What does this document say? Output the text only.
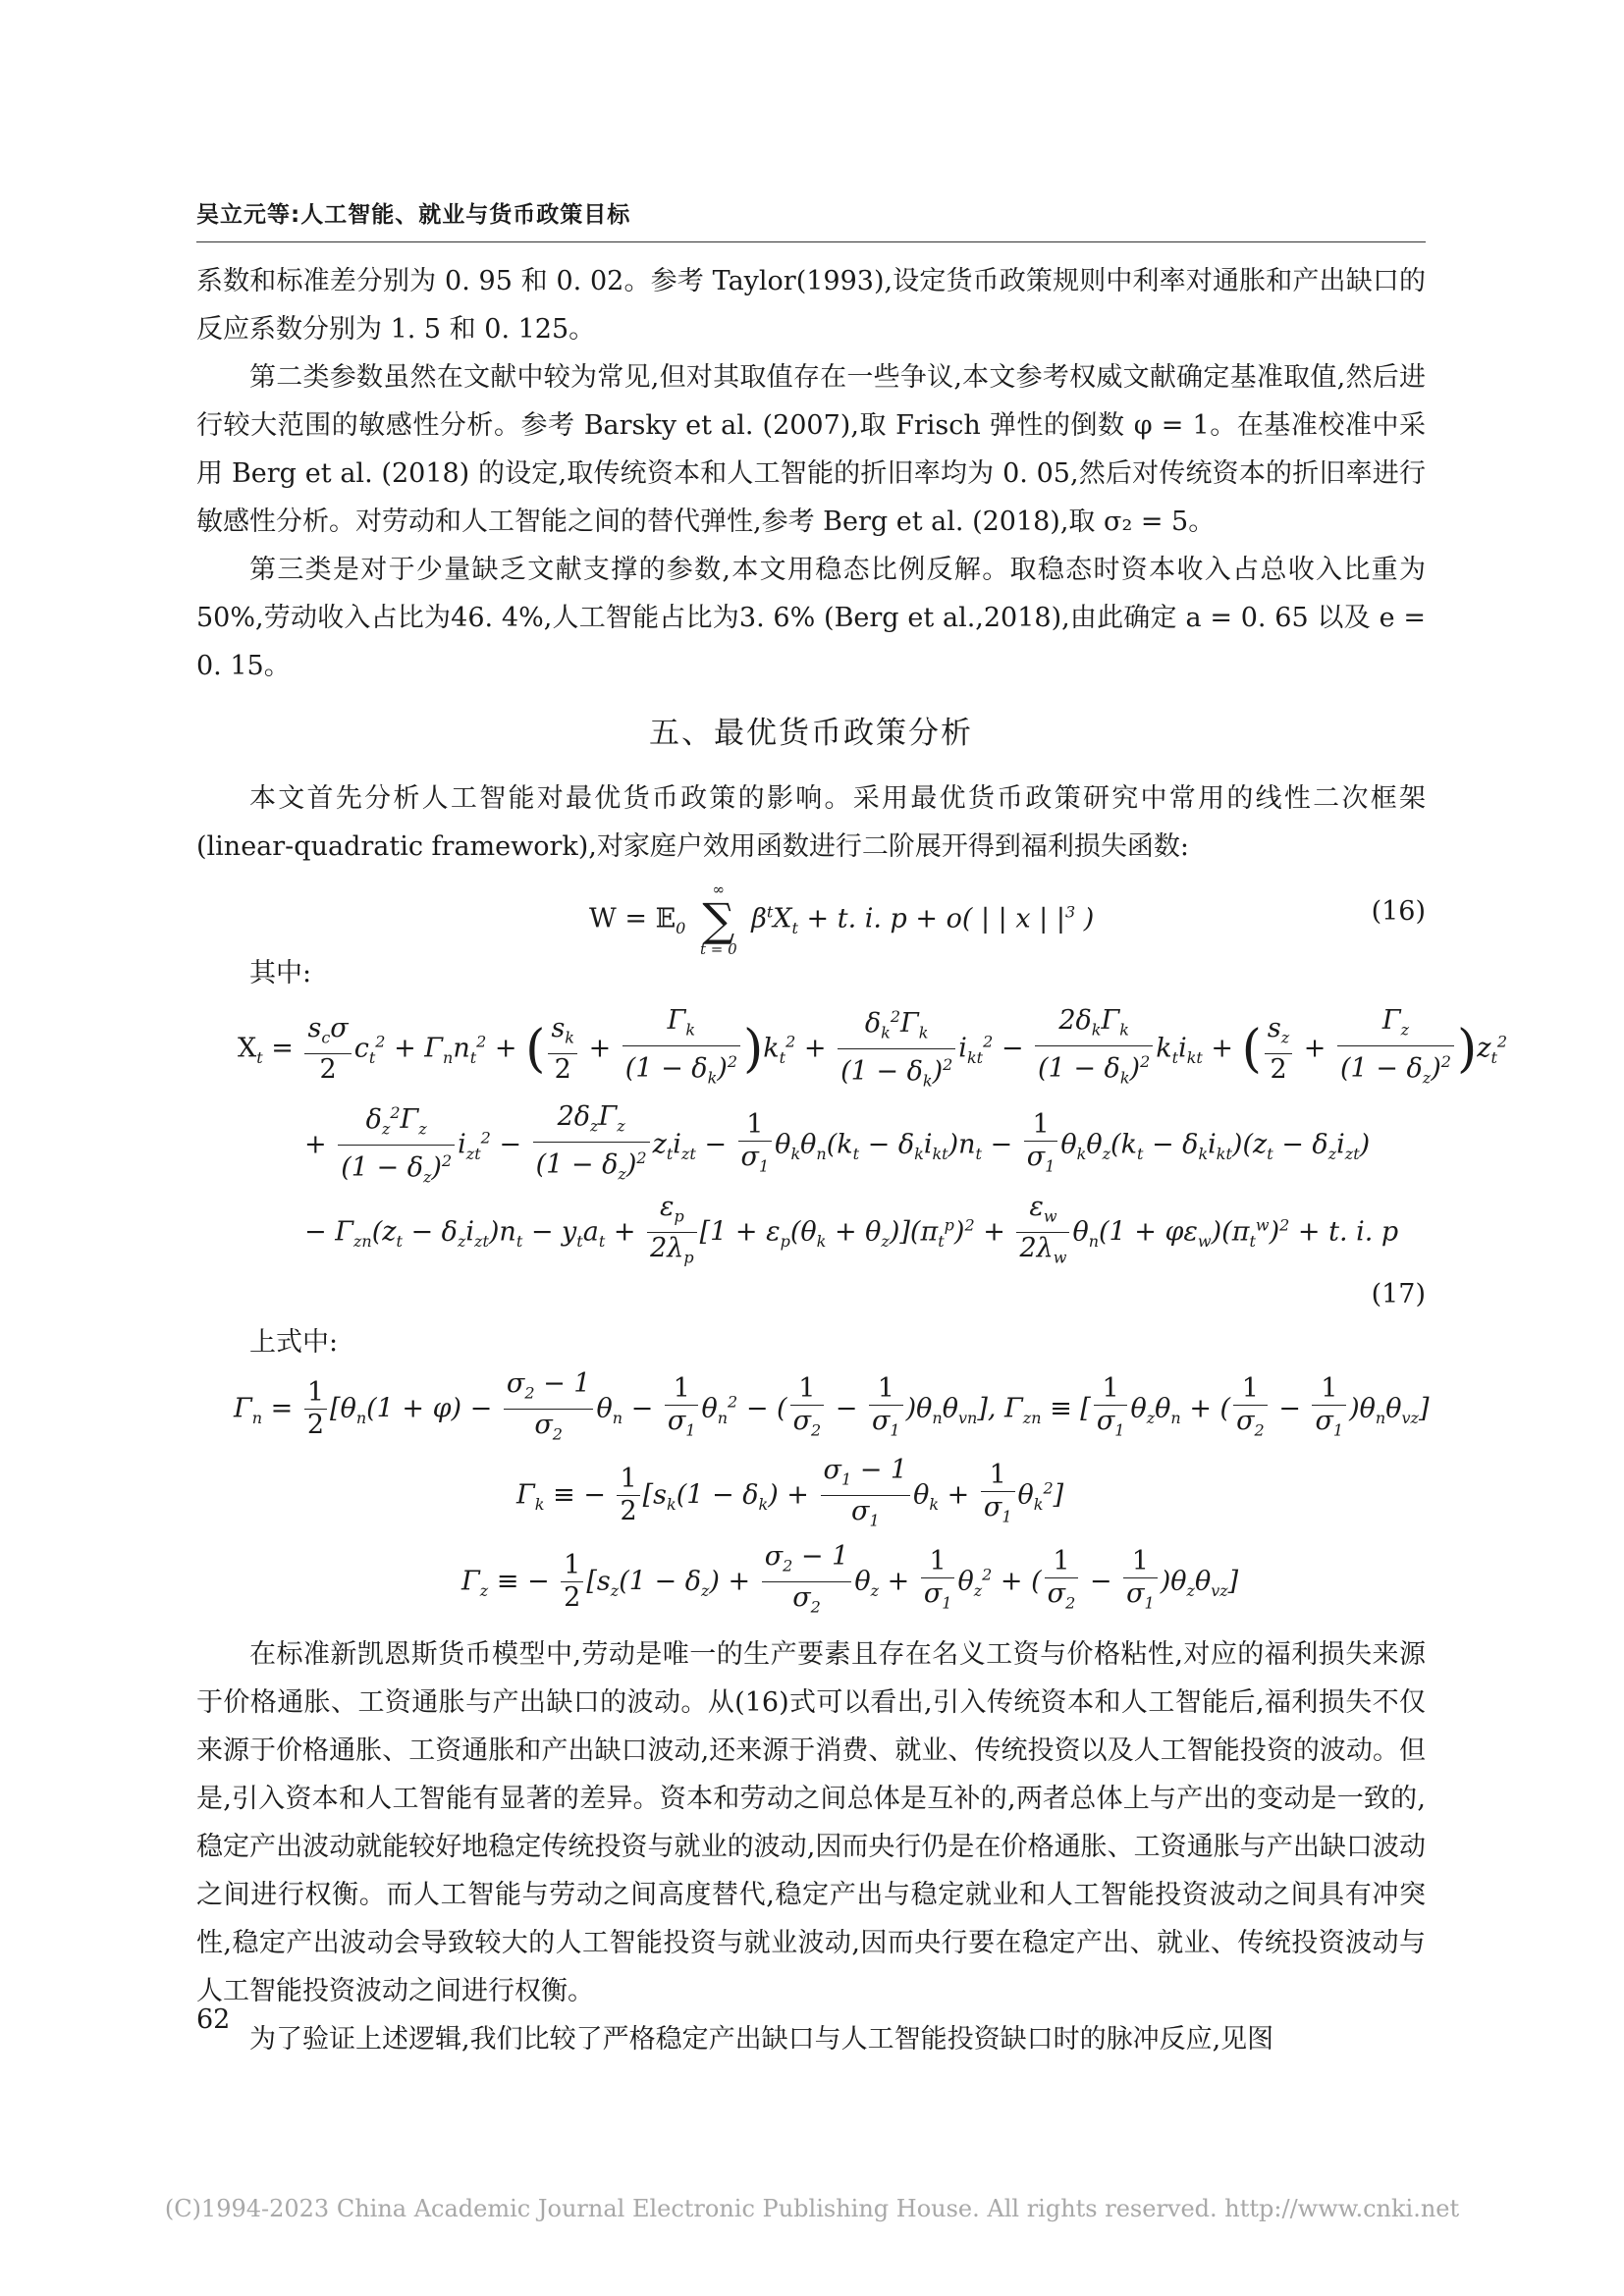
吴立元等:人工智能、就业与货币政策目标

系数和标准差分别为 0. 95 和 0. 02。参考 Taylor(1993),设定货币政策规则中利率对通胀和产出缺口的反应系数分别为 1. 5 和 0. 125。

第二类参数虽然在文献中较为常见,但对其取值存在一些争议,本文参考权威文献确定基准取值,然后进行较大范围的敏感性分析。参考 Barsky et al. (2007),取 Frisch 弹性的倒数 φ = 1。在基准校准中采用 Berg et al. (2018) 的设定,取传统资本和人工智能的折旧率均为 0. 05,然后对传统资本的折旧率进行敏感性分析。对劳动和人工智能之间的替代弹性,参考 Berg et al. (2018),取 σ₂ = 5。

第三类是对于少量缺乏文献支撑的参数,本文用稳态比例反解。取稳态时资本收入占总收入比重为50%,劳动收入占比为46. 4%,人工智能占比为3. 6% (Berg et al.,2018),由此确定 a = 0. 65 以及 e = 0. 15。

五、最优货币政策分析

本文首先分析人工智能对最优货币政策的影响。采用最优货币政策研究中常用的线性二次框架(linear-quadratic framework),对家庭户效用函数进行二阶展开得到福利损失函数:

W = 𝔼$_0$
∞
∑
t = 0
$\beta^tX_t + t$. i. p + o( | | x | $|^3$ )	(16)
其中:
$X_t = \frac{s_c\sigma}{2} c_t^2 + \Gamma_nn_t^2$ + ( $\frac{s_k}{2} + \frac{\Gamma_k}{(1 - \delta_k)^2} )k_t^2 + \frac{\delta_k^2\Gamma_k}{(1 - \delta_k)^2} i_{kt}^2 - \frac{2\delta_k\Gamma_k}{(1 - \delta_k)^2} k_ti_{kt}$ + ( $\frac{s_z}{2} + \frac{\Gamma_z}{(1 - \delta_z)^2} )z_t^2$
+ $\frac{\delta_z^2\Gamma_z}{(1 - \delta_z)^2} i_{zt}^2 - \frac{2\delta_z\Gamma_z}{(1 - \delta_z)^2} z_ti_{zt} - \frac{1}{\sigma_1} \theta_k\theta_n(k_t - \delta_ki_{kt})n_t - \frac{1}{\sigma_1} \theta_k\theta_z(k_t - \delta_ki_{kt})(z_t - \delta_zi_{zt})$
− $\Gamma_{zn}(z_t - \delta_zi_{zt})n_t - y_ta_t + \frac{\varepsilon_p}{2\lambda_p} [1 + \varepsilon_p(\theta_k + \theta_z)](\pi_t^p)^2 + \frac{\varepsilon_w}{2\lambda_w} \theta_n(1 + \varphi\varepsilon_w)(\pi_t^w)^2 + t$. i. p
(17)
上式中:
$\Gamma_n = \frac{1}{2} [\theta_n(1 + \varphi) - \frac{\sigma_2 - 1}{\sigma_2} \theta_n - \frac{1}{\sigma_1} \theta_n^2$ − ( $\frac{1}{\sigma_2} - \frac{1}{\sigma_1} )\theta_n\theta_{vn}$], $\Gamma_{zn}$ ≡ [ $\frac{1}{\sigma_1} \theta_z\theta_n$ + ( $\frac{1}{\sigma_2} - \frac{1}{\sigma_1} )\theta_n\theta_{vz}$]
$\Gamma_k$ ≡ − $\frac{1}{2} [s_k(1 - \delta_k) + \frac{\sigma_1 - 1}{\sigma_1} \theta_k + \frac{1}{\sigma_1} \theta_k^2]$
$\Gamma_z$ ≡ − $\frac{1}{2} [s_z(1 - \delta_z) + \frac{\sigma_2 - 1}{\sigma_2} \theta_z + \frac{1}{\sigma_1} \theta_z^2$ + ( $\frac{1}{\sigma_2} - \frac{1}{\sigma_1} )\theta_z\theta_{vz}$]

在标准新凯恩斯货币模型中,劳动是唯一的生产要素且存在名义工资与价格粘性,对应的福利损失来源于价格通胀、工资通胀与产出缺口的波动。从(16)式可以看出,引入传统资本和人工智能后,福利损失不仅来源于价格通胀、工资通胀和产出缺口波动,还来源于消费、就业、传统投资以及人工智能投资的波动。但是,引入资本和人工智能有显著的差异。资本和劳动之间总体是互补的,两者总体上与产出的变动是一致的,稳定产出波动就能较好地稳定传统投资与就业的波动,因而央行仍是在价格通胀、工资通胀与产出缺口波动之间进行权衡。而人工智能与劳动之间高度替代,稳定产出与稳定就业和人工智能投资波动之间具有冲突性,稳定产出波动会导致较大的人工智能投资与就业波动,因而央行要在稳定产出、就业、传统投资波动与人工智能投资波动之间进行权衡。

为了验证上述逻辑,我们比较了严格稳定产出缺口与人工智能投资缺口时的脉冲反应,见图

62
(C)1994-2023 China Academic Journal Electronic Publishing House. All rights reserved. http://www.cnki.net
